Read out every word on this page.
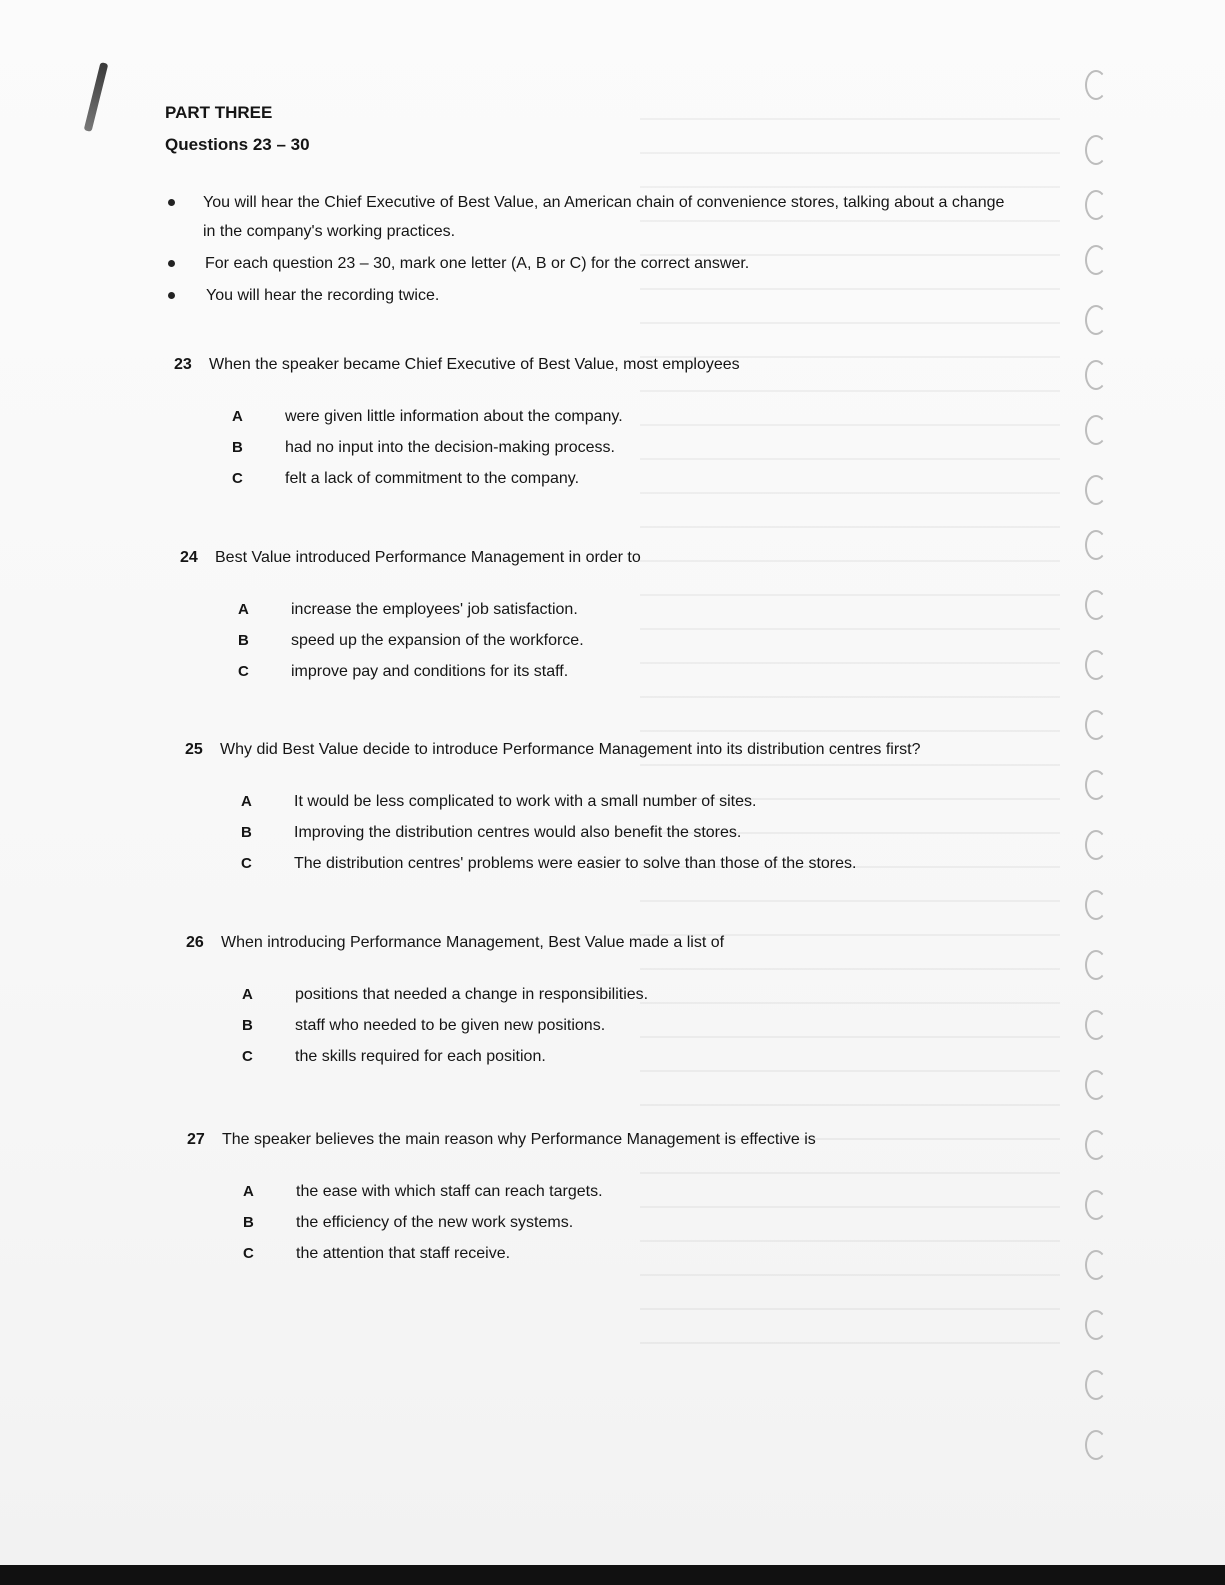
PART THREE
Questions 23 – 30
You will hear the Chief Executive of Best Value, an American chain of convenience stores, talking about a change in the company's working practices.
For each question 23 – 30, mark one letter (A, B or C) for the correct answer.
You will hear the recording twice.
23 When the speaker became Chief Executive of Best Value, most employees
A	were given little information about the company.
B	had no input into the decision-making process.
C	felt a lack of commitment to the company.
24 Best Value introduced Performance Management in order to
A	increase the employees' job satisfaction.
B	speed up the expansion of the workforce.
C	improve pay and conditions for its staff.
25 Why did Best Value decide to introduce Performance Management into its distribution centres first?
A	It would be less complicated to work with a small number of sites.
B	Improving the distribution centres would also benefit the stores.
C	The distribution centres' problems were easier to solve than those of the stores.
26 When introducing Performance Management, Best Value made a list of
A	positions that needed a change in responsibilities.
B	staff who needed to be given new positions.
C	the skills required for each position.
27 The speaker believes the main reason why Performance Management is effective is
A	the ease with which staff can reach targets.
B	the efficiency of the new work systems.
C	the attention that staff receive.
